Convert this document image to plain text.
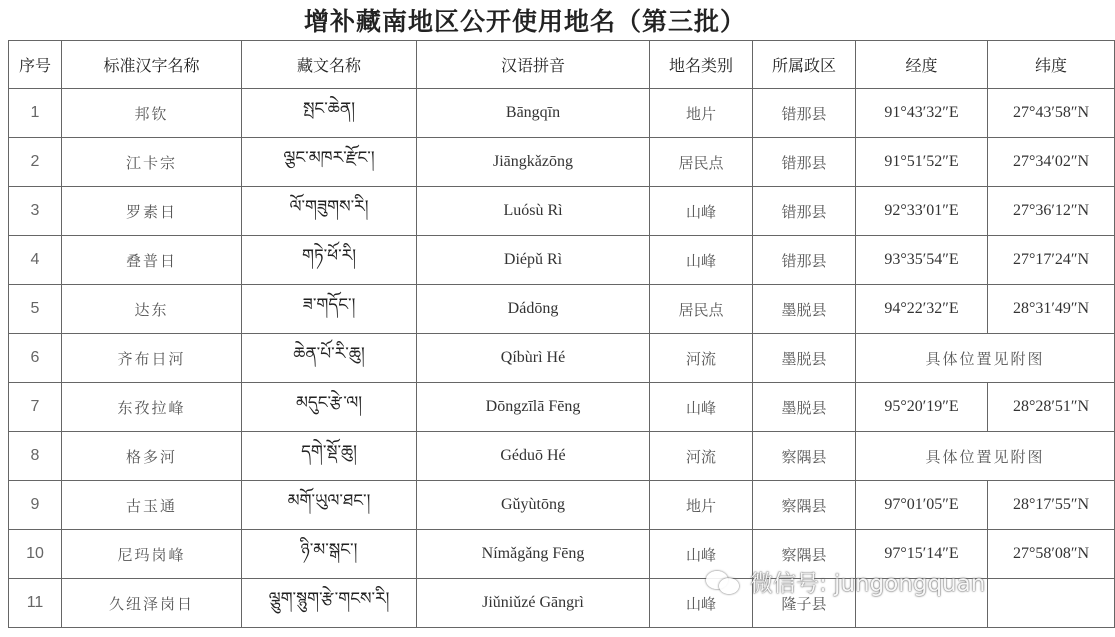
增补藏南地区公开使用地名（第三批）
序号	标准汉字名称	藏文名称	汉语拼音	地名类别	所属政区	经度	纬度
1	邦钦	སྤང་ཆེན།	Bāngqīn	地片	错那县	91°43′32″E	27°43′58″N
2	江卡宗	ལྕང་མཁར་རྫོང་།	Jiāngkǎzōng	居民点	错那县	91°51′52″E	27°34′02″N
3	罗素日	ལོ་གཟུགས་རི།	Luósù Rì	山峰	错那县	92°33′01″E	27°36′12″N
4	叠普日	གཏེ་ཕོ་རི།	Diépǔ Rì	山峰	错那县	93°35′54″E	27°17′24″N
5	达东	ཟ་གདོང་།	Dádōng	居民点	墨脱县	94°22′32″E	28°31′49″N
6	齐布日河	ཆེན་པོ་རི་ཆུ།	Qíbùrì Hé	河流	墨脱县	具体位置见附图	
7	东孜拉峰	མདུང་རྩེ་ལ།	Dōngzīlā Fēng	山峰	墨脱县	95°20′19″E	28°28′51″N
8	格多河	དགེ་སྡོ་ཆུ།	Géduō Hé	河流	察隅县	具体位置见附图	
9	古玉通	མགོ་ཡུལ་ཐང་།	Gǔyùtōng	地片	察隅县	97°01′05″E	28°17′55″N
10	尼玛岗峰	ཉི་མ་སྒང་།	Nímǎgǎng Fēng	山峰	察隅县	97°15′14″E	27°58′08″N
11	久纽泽岗日	ལྕུག་སྙུག་རྩེ་གངས་རི།	Jiǔniǔzé Gāngrì	山峰	隆子县		
微信号: jungongquan
